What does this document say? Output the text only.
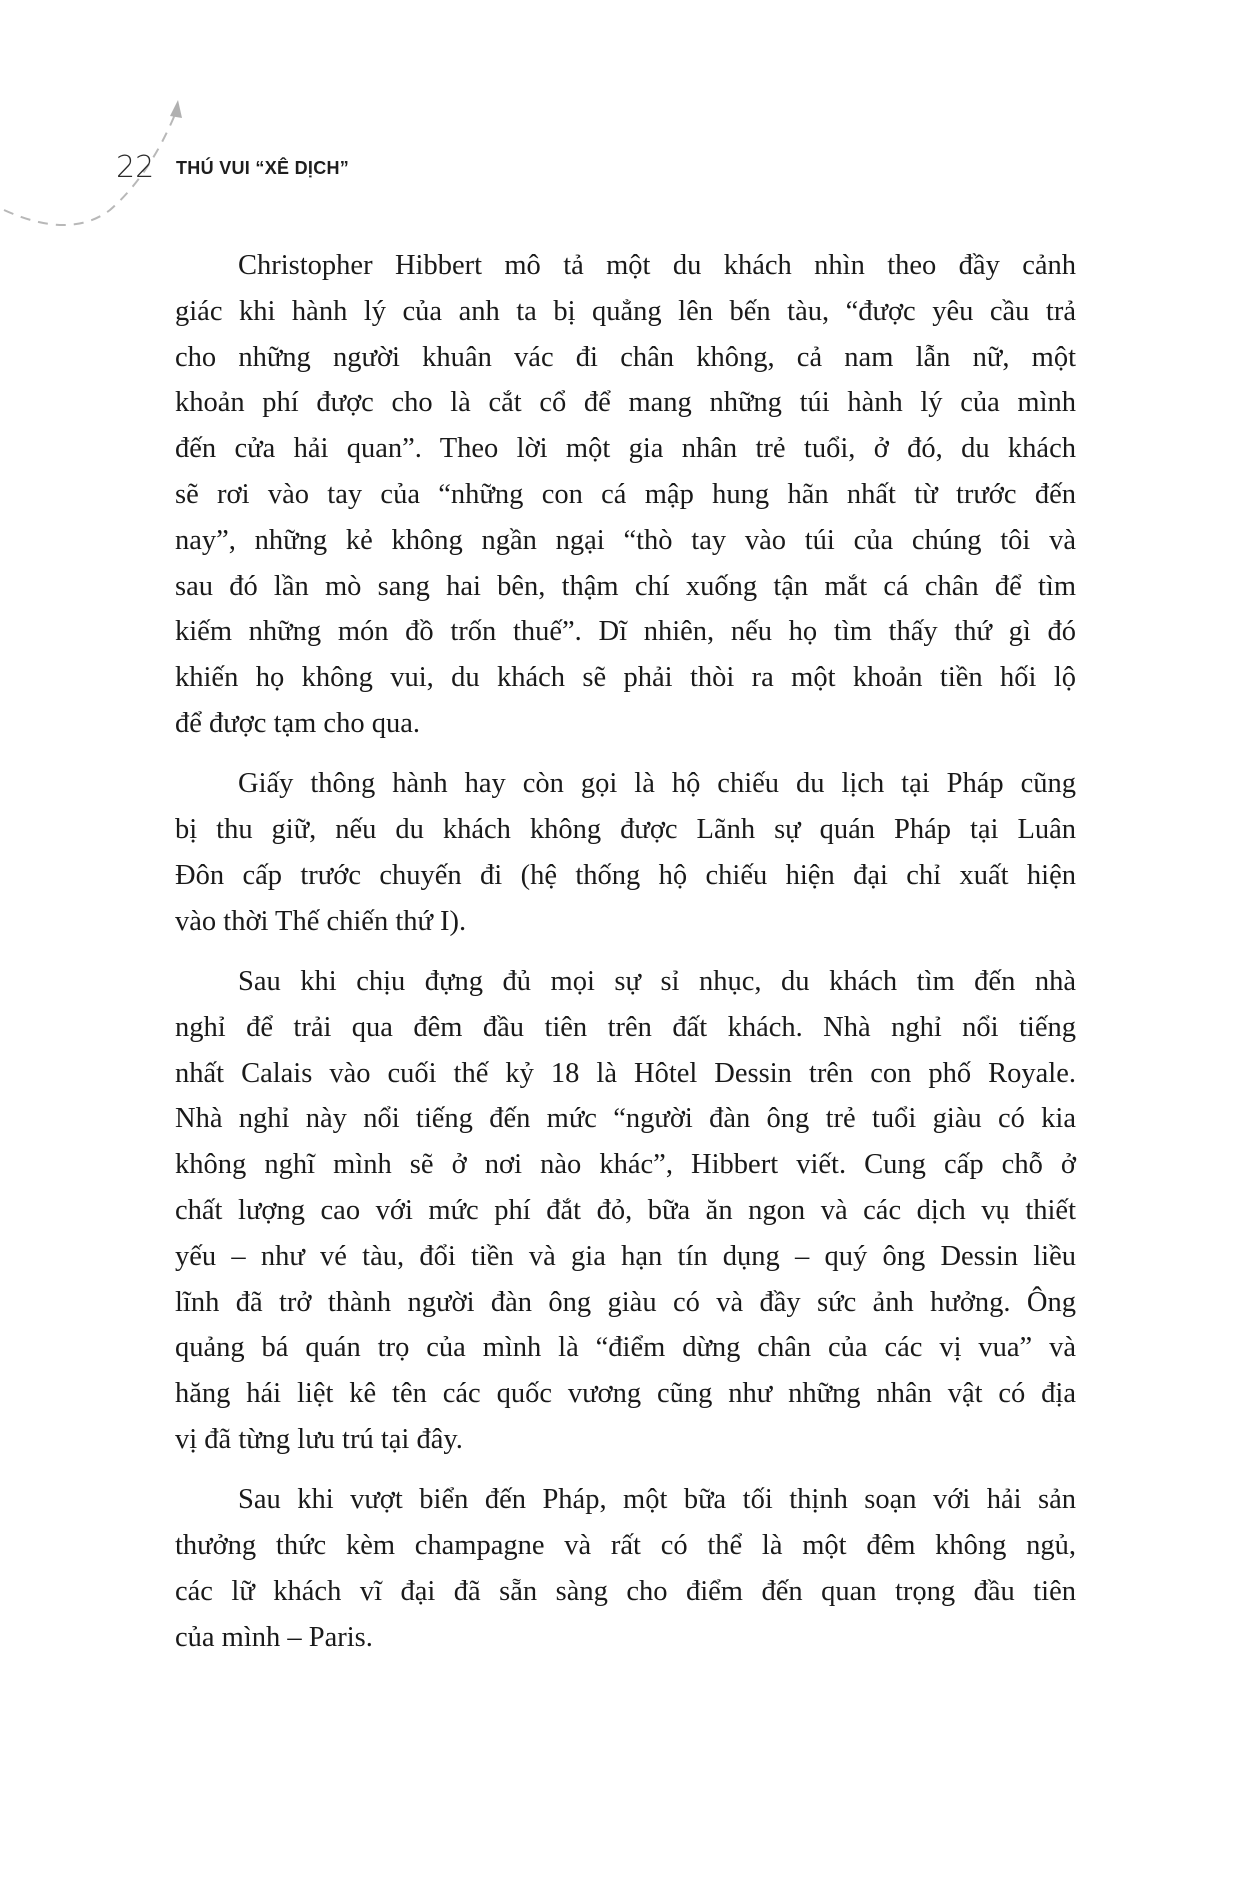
22 THÚ VUI “XÊ DỊCH”
Christopher Hibbert mô tả một du khách nhìn theo đầy cảnh
giác khi hành lý của anh ta bị quẳng lên bến tàu, “được yêu cầu trả
cho những người khuân vác đi chân không, cả nam lẫn nữ, một
khoản phí được cho là cắt cổ để mang những túi hành lý của mình
đến cửa hải quan”. Theo lời một gia nhân trẻ tuổi, ở đó, du khách
sẽ rơi vào tay của “những con cá mập hung hãn nhất từ trước đến
nay”, những kẻ không ngần ngại “thò tay vào túi của chúng tôi và
sau đó lần mò sang hai bên, thậm chí xuống tận mắt cá chân để tìm
kiếm những món đồ trốn thuế”. Dĩ nhiên, nếu họ tìm thấy thứ gì đó
khiến họ không vui, du khách sẽ phải thòi ra một khoản tiền hối lộ
để được tạm cho qua.
Giấy thông hành hay còn gọi là hộ chiếu du lịch tại Pháp cũng
bị thu giữ, nếu du khách không được Lãnh sự quán Pháp tại Luân
Đôn cấp trước chuyến đi (hệ thống hộ chiếu hiện đại chỉ xuất hiện
vào thời Thế chiến thứ I).
Sau khi chịu đựng đủ mọi sự sỉ nhục, du khách tìm đến nhà
nghỉ để trải qua đêm đầu tiên trên đất khách. Nhà nghỉ nổi tiếng
nhất Calais vào cuối thế kỷ 18 là Hôtel Dessin trên con phố Royale.
Nhà nghỉ này nổi tiếng đến mức “người đàn ông trẻ tuổi giàu có kia
không nghĩ mình sẽ ở nơi nào khác”, Hibbert viết. Cung cấp chỗ ở
chất lượng cao với mức phí đắt đỏ, bữa ăn ngon và các dịch vụ thiết
yếu – như vé tàu, đổi tiền và gia hạn tín dụng – quý ông Dessin liều
lĩnh đã trở thành người đàn ông giàu có và đầy sức ảnh hưởng. Ông
quảng bá quán trọ của mình là “điểm dừng chân của các vị vua” và
hăng hái liệt kê tên các quốc vương cũng như những nhân vật có địa
vị đã từng lưu trú tại đây.
Sau khi vượt biển đến Pháp, một bữa tối thịnh soạn với hải sản
thưởng thức kèm champagne và rất có thể là một đêm không ngủ,
các lữ khách vĩ đại đã sẵn sàng cho điểm đến quan trọng đầu tiên
của mình – Paris.
